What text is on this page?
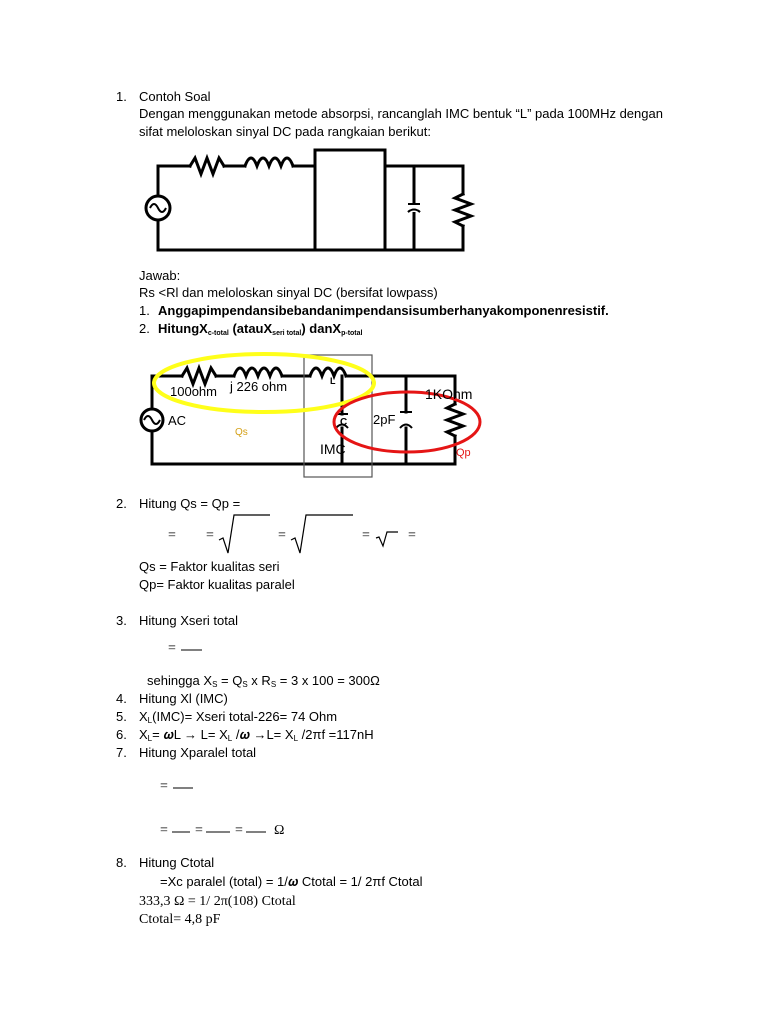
1. Contoh Soal
Dengan menggunakan metode absorpsi, rancanglah IMC bentuk “L” pada 100MHz dengan
sifat meloloskan sinyal DC pada rangkaian berikut:
Jawab:
Rs <Rl dan meloloskan sinyal DC (bersifat lowpass)
1. Anggapimpendansibebandanimpendansisumberhanyakomponenresistif.
2. HitungXc-total (atauXseri total) danXp-total
100ohm j 226 ohm	L
C 2pF
1KOhm
AC
Qs
IMC	Qp
2. Hitung Qs = Qp =
= =	=	=	=
Qs = Faktor kualitas seri
Qp= Faktor kualitas paralel
3. Hitung Xseri total
=
sehingga XS = QS x RS = 3 x 100 = 300Ω
4. Hitung Xl (IMC)
5. XL(IMC)= Xseri total-226= 74 Ohm
6. XL= 𝝎L → L= XL /𝝎 →L= XL /2πf =117nH
7. Hitung Xparalel total
=
= = = Ω
8. Hitung Ctotal
=Xc paralel (total) = 1/𝝎 Ctotal = 1/ 2πf Ctotal
333,3 Ω = 1/ 2π(108) Ctotal
Ctotal= 4,8 pF
